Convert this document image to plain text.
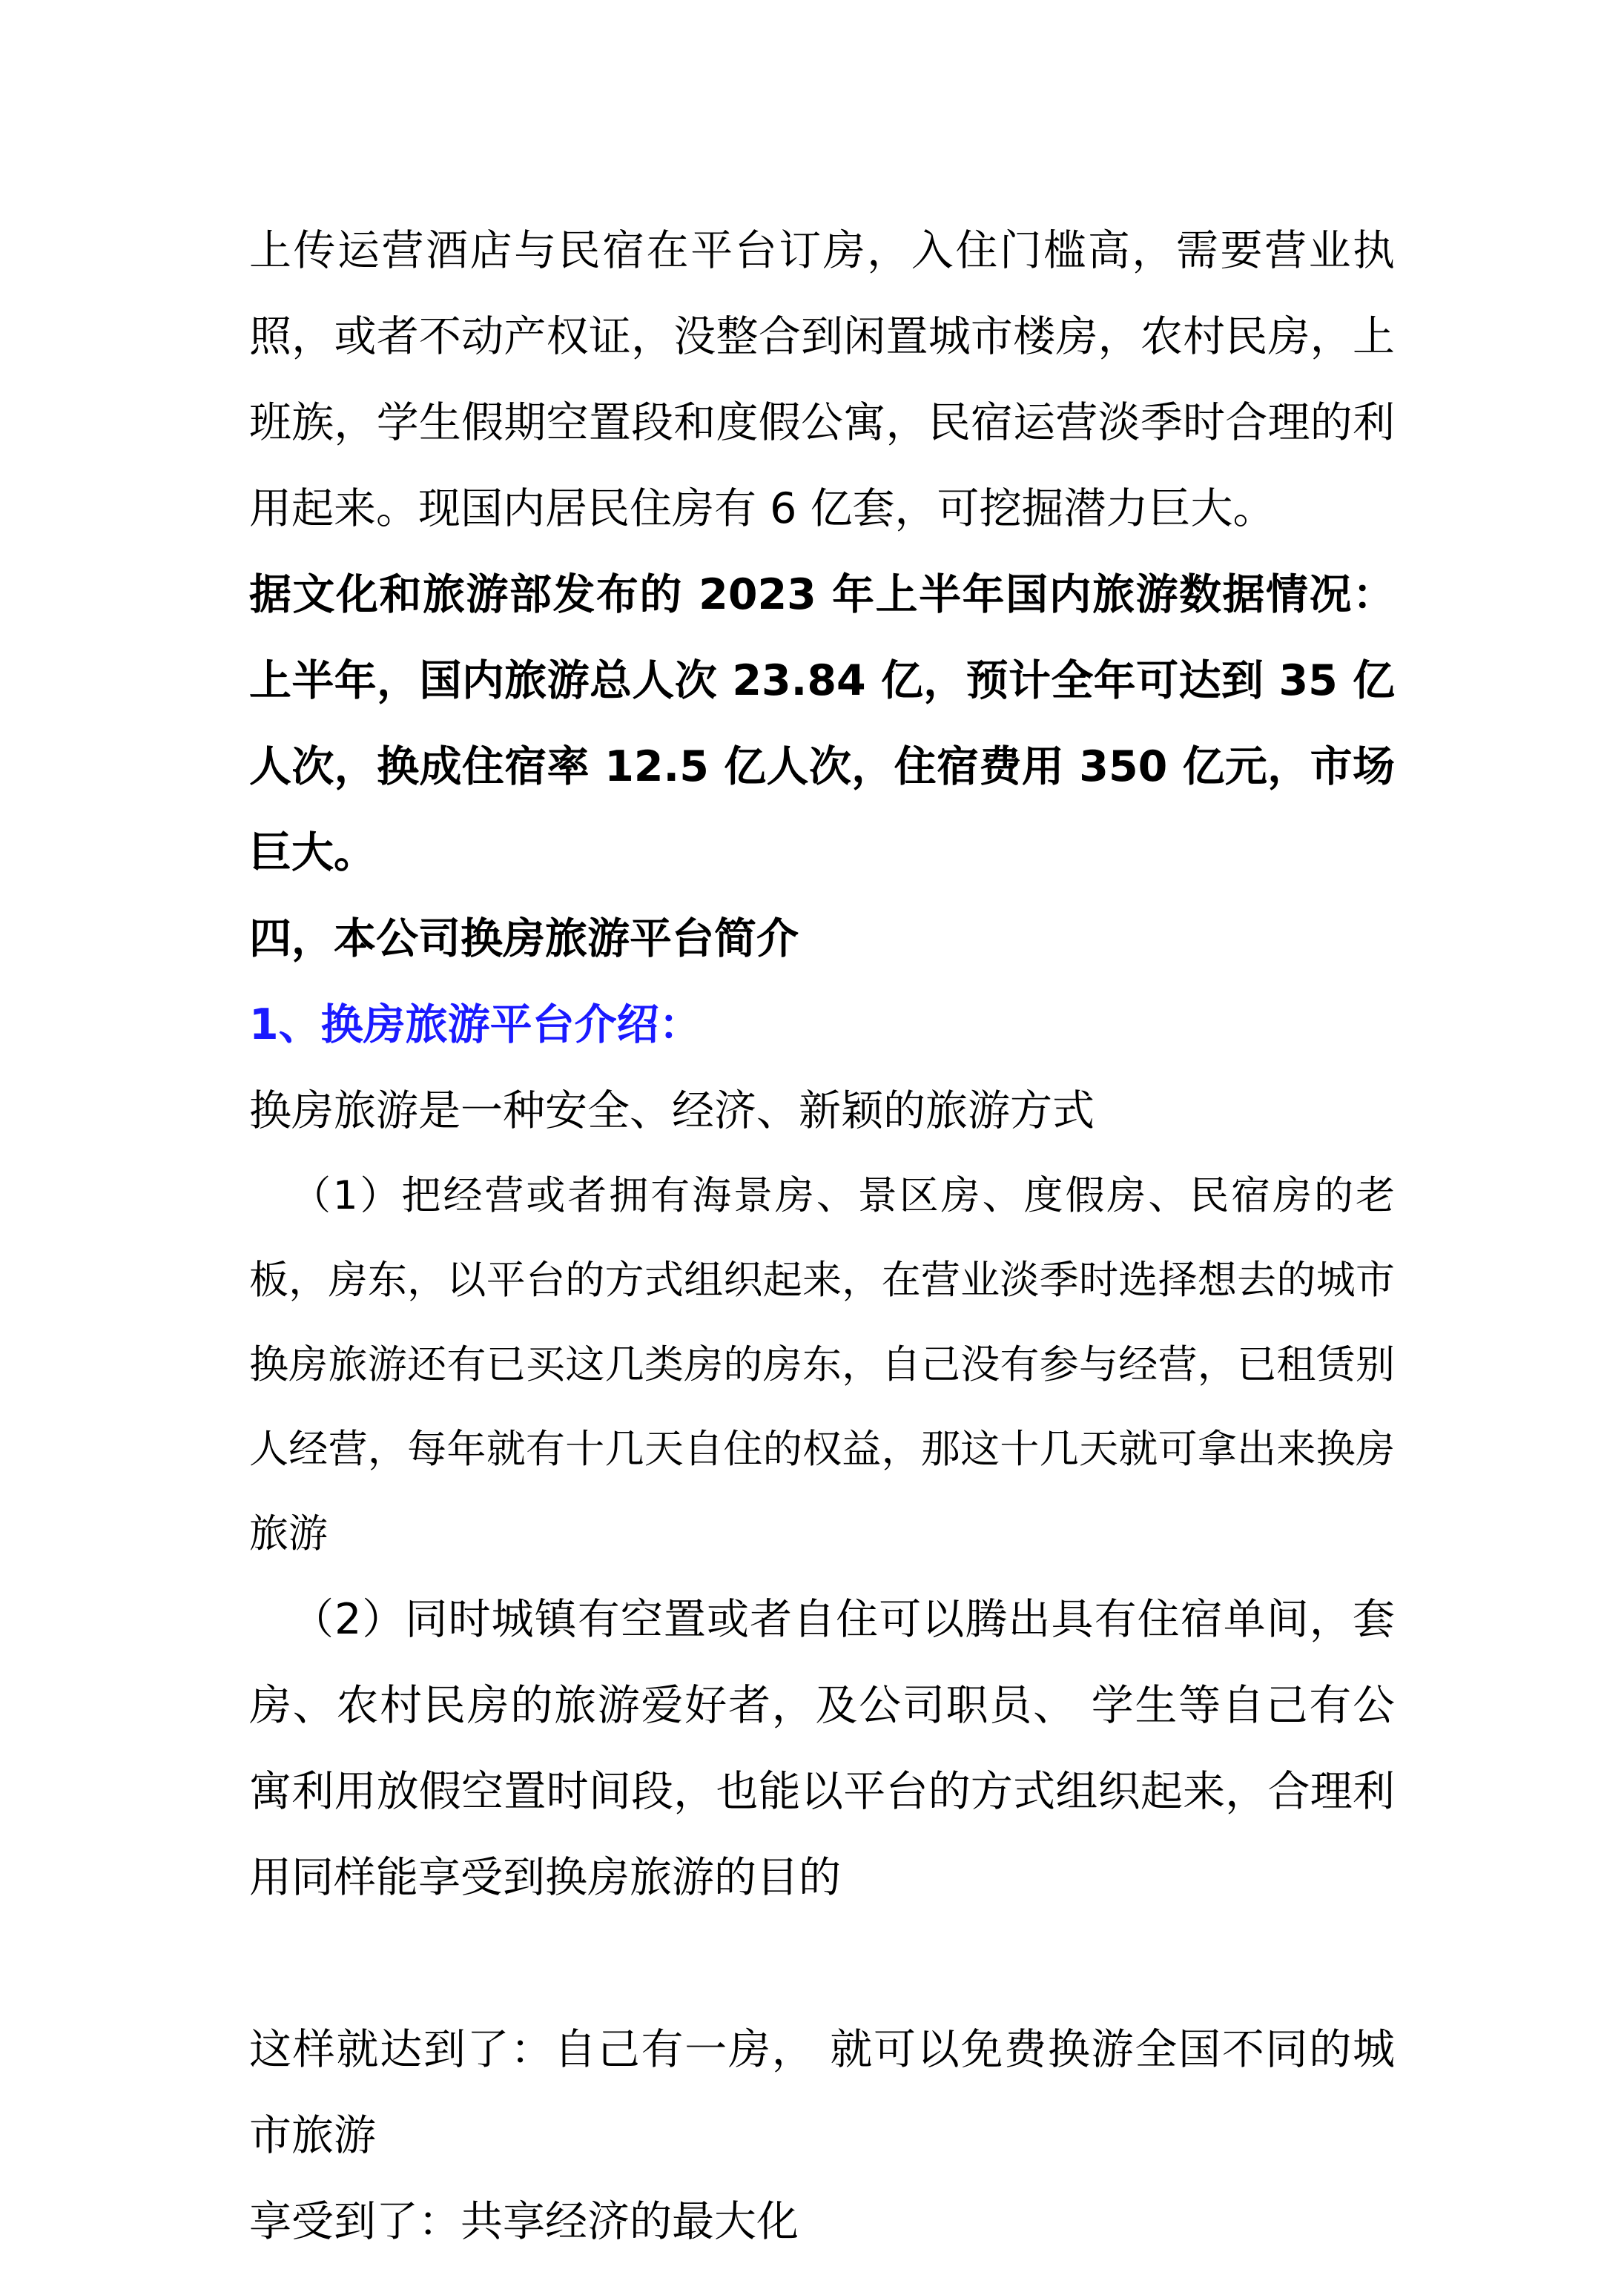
上传运营酒店与民宿在平台订房，入住门槛高，需要营业执照，或者不动产权证，没整合到闲置城市楼房，农村民房，上班族，学生假期空置段和度假公寓，民宿运营淡季时合理的利用起来。现国内居民住房有 6 亿套，可挖掘潜力巨大。

据文化和旅游部发布的 2023 年上半年国内旅游数据情况：上半年，国内旅游总人次 23.84 亿，预计全年可达到 35 亿人次，换成住宿率 12.5 亿人次，住宿费用 350 亿元，市场巨大。

四，本公司换房旅游平台简介

1、换房旅游平台介绍：

换房旅游是一种安全、经济、新颖的旅游方式

（1）把经营或者拥有海景房、景区房、度假房、民宿房的老板，房东，以平台的方式组织起来，在营业淡季时选择想去的城市换房旅游还有已买这几类房的房东，自己没有参与经营，已租赁别人经营，每年就有十几天自住的权益，那这十几天就可拿出来换房旅游

（2）同时城镇有空置或者自住可以腾出具有住宿单间，套房、农村民房的旅游爱好者，及公司职员、 学生等自己有公寓利用放假空置时间段，也能以平台的方式组织起来，合理利用同样能享受到换房旅游的目的

这样就达到了：自己有一房， 就可以免费换游全国不同的城市旅游

享受到了：共享经济的最大化
